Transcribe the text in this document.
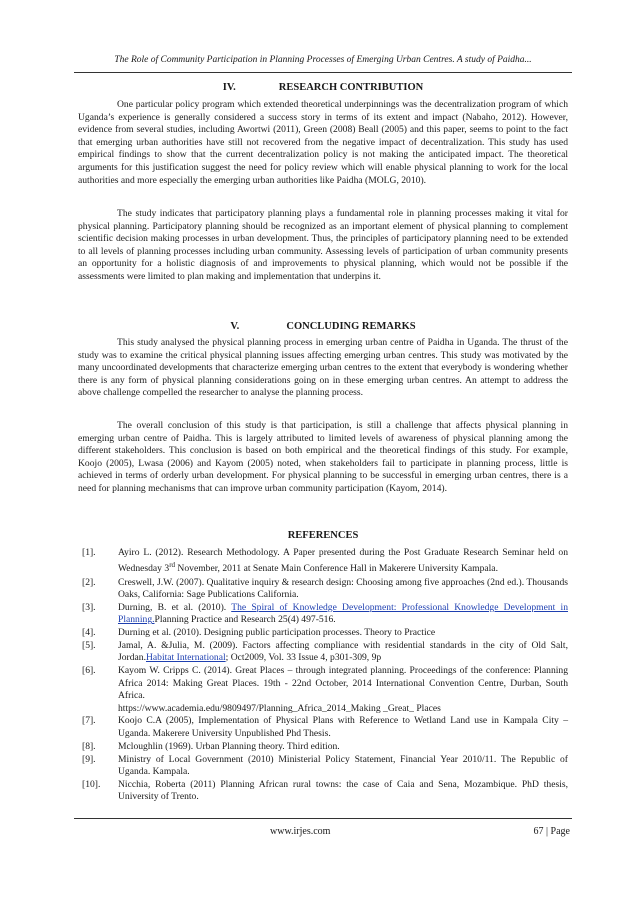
The Role of Community Participation in Planning Processes of Emerging Urban Centres. A study of Paidha...
IV.	RESEARCH CONTRIBUTION

One particular policy program which extended theoretical underpinnings was the decentralization program of which Uganda’s experience is generally considered a success story in terms of its extent and impact (Nabaho, 2012). However, evidence from several studies, including Awortwi (2011), Green (2008) Beall (2005) and this paper, seems to point to the fact that emerging urban authorities have still not recovered from the negative impact of decentralization. This study has used empirical findings to show that the current decentralization policy is not making the anticipated impact. The theoretical arguments for this justification suggest the need for policy review which will enable physical planning to work for the local authorities and more especially the emerging urban authorities like Paidha (MOLG, 2010).

The study indicates that participatory planning plays a fundamental role in planning processes making it vital for physical planning. Participatory planning should be recognized as an important element of physical planning to complement scientific decision making processes in urban development. Thus, the principles of participatory planning need to be extended to all levels of planning processes including urban community. Assessing levels of participation of urban community presents an opportunity for a holistic diagnosis of and improvements to physical planning, which would not be possible if the assessments were limited to plan making and implementation that underpins it.

V.	CONCLUDING REMARKS

This study analysed the physical planning process in emerging urban centre of Paidha in Uganda. The thrust of the study was to examine the critical physical planning issues affecting emerging urban centres. This study was motivated by the many uncoordinated developments that characterize emerging urban centres to the extent that everybody is wondering whether there is any form of physical planning considerations going on in these emerging urban centres. An attempt to address the above challenge compelled the researcher to analyse the planning process.

The overall conclusion of this study is that participation, is still a challenge that affects physical planning in emerging urban centre of Paidha. This is largely attributed to limited levels of awareness of physical planning among the different stakeholders. This conclusion is based on both empirical and the theoretical findings of this study. For example, Koojo (2005), Lwasa (2006) and Kayom (2005) noted, when stakeholders fail to participate in planning process, little is achieved in terms of orderly urban development. For physical planning to be successful in emerging urban centres, there is a need for planning mechanisms that can improve urban community participation (Kayom, 2014).

REFERENCES
[1].	Ayiro L. (2012). Research Methodology. A Paper presented during the Post Graduate Research Seminar held on Wednesday 3rd November, 2011 at Senate Main Conference Hall in Makerere University Kampala.
[2].	Creswell, J.W. (2007). Qualitative inquiry & research design: Choosing among five approaches (2nd ed.). Thousands Oaks, California: Sage Publications California.
[3].	Durning, B. et al. (2010). The Spiral of Knowledge Development: Professional Knowledge Development in Planning.Planning Practice and Research 25(4) 497-516.
[4].	Durning et al. (2010). Designing public participation processes. Theory to Practice
[5].	Jamal, A. &Julia, M. (2009). Factors affecting compliance with residential standards in the city of Old Salt, Jordan.Habitat International; Oct2009, Vol. 33 Issue 4, p301-309, 9p
[6].	Kayom W. Cripps C. (2014). Great Places – through integrated planning. Proceedings of the conference: Planning Africa 2014: Making Great Places. 19th - 22nd October, 2014 International Convention Centre, Durban, South Africa.
https://www.academia.edu/9809497/Planning_Africa_2014_Making _Great_ Places
[7].	Koojo C.A (2005), Implementation of Physical Plans with Reference to Wetland Land use in Kampala City – Uganda. Makerere University Unpublished Phd Thesis.
[8].	Mcloughlin (1969). Urban Planning theory. Third edition.
[9].	Ministry of Local Government (2010) Ministerial Policy Statement, Financial Year 2010/11. The Republic of Uganda. Kampala.
[10].	Nicchia, Roberta (2011) Planning African rural towns: the case of Caia and Sena, Mozambique. PhD thesis, University of Trento.
www.irjes.com	67 | Page
